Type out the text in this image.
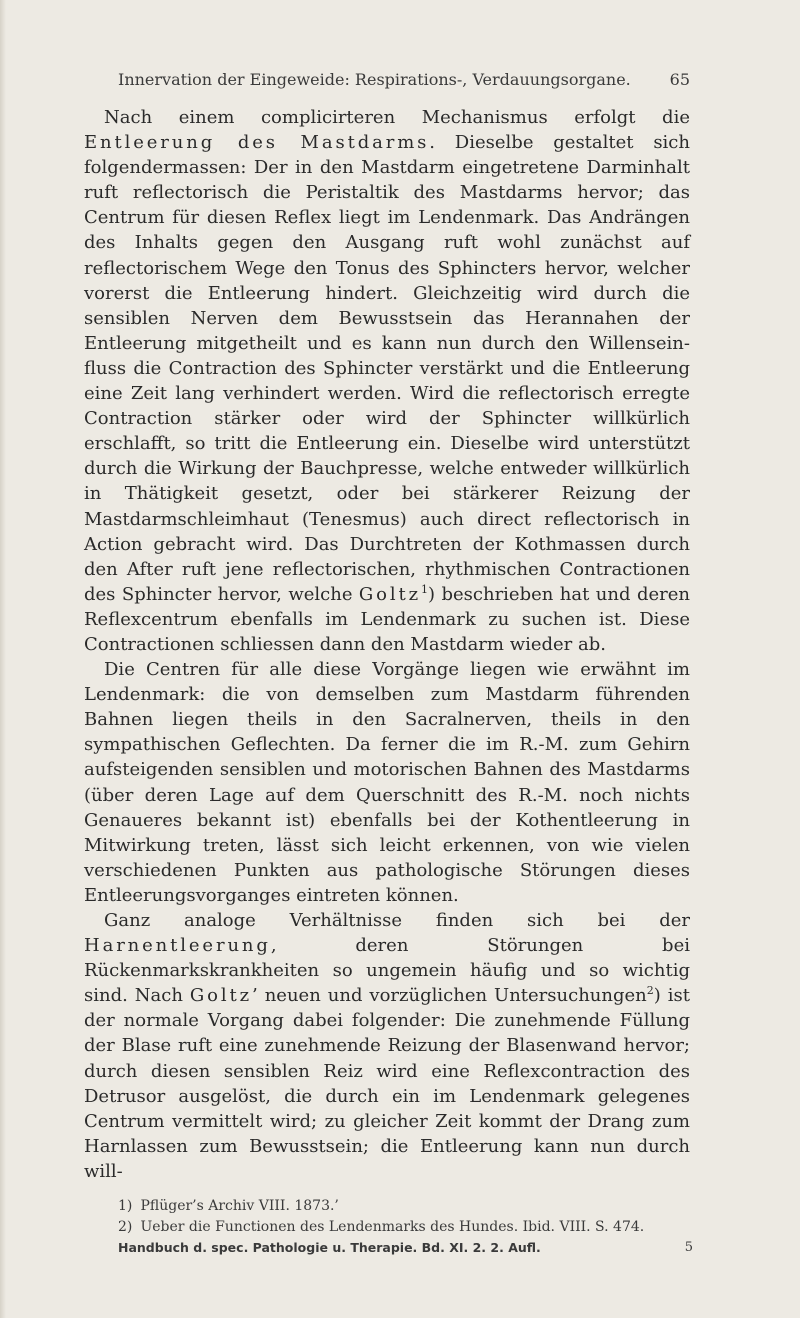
Innervation der Eingeweide: Respirations-, Verdauungsorgane. 65

Nach einem complicirteren Mechanismus erfolgt die Entleerung des Mastdarms. Dieselbe gestaltet sich folgendermassen: Der in den Mastdarm eingetretene Darminhalt ruft reflectorisch die Peristaltik des Mastdarms hervor; das Centrum für diesen Reflex liegt im Lendenmark. Das Andrängen des Inhalts gegen den Ausgang ruft wohl zunächst auf reflectorischem Wege den Tonus des Sphincters hervor, welcher vorerst die Entleerung hindert. Gleichzeitig wird durch die sensiblen Nerven dem Bewusstsein das Herannahen der Entleerung mitgetheilt und es kann nun durch den Willenseinfluss die Contraction des Sphincter verstärkt und die Entleerung eine Zeit lang verhindert werden. Wird die reflectorisch erregte Contraction stärker oder wird der Sphincter willkürlich erschlafft, so tritt die Entleerung ein. Dieselbe wird unterstützt durch die Wirkung der Bauchpresse, welche entweder willkürlich in Thätigkeit gesetzt, oder bei stärkerer Reizung der Mastdarmschleimhaut (Tenesmus) auch direct reflectorisch in Action gebracht wird. Das Durchtreten der Kothmassen durch den After ruft jene reflectorischen, rhythmischen Contractionen des Sphincter hervor, welche Goltz$^1$) beschrieben hat und deren Reflexcentrum ebenfalls im Lendenmark zu suchen ist. Diese Contractionen schliessen dann den Mastdarm wieder ab.

Die Centren für alle diese Vorgänge liegen wie erwähnt im Lendenmark: die von demselben zum Mastdarm führenden Bahnen liegen theils in den Sacralnerven, theils in den sympathischen Geflechten. Da ferner die im R.-M. zum Gehirn aufsteigenden sensiblen und motorischen Bahnen des Mastdarms (über deren Lage auf dem Querschnitt des R.-M. noch nichts Genaueres bekannt ist) ebenfalls bei der Kothentleerung in Mitwirkung treten, lässt sich leicht erkennen, von wie vielen verschiedenen Punkten aus pathologische Störungen dieses Entleerungsvorganges eintreten können.

Ganz analoge Verhältnisse finden sich bei der Harnentleerung, deren Störungen bei Rückenmarkskrankheiten so ungemein häufig und so wichtig sind. Nach Goltz’ neuen und vorzüglichen Untersuchungen$^2$) ist der normale Vorgang dabei folgender: Die zunehmende Füllung der Blase ruft eine zunehmende Reizung der Blasenwand hervor; durch diesen sensiblen Reiz wird eine Reflexcontraction des Detrusor ausgelöst, die durch ein im Lendenmark gelegenes Centrum vermittelt wird; zu gleicher Zeit kommt der Drang zum Harnlassen zum Bewusstsein; die Entleerung kann nun durch will-

1) Pflüger’s Archiv VIII. 1873.’
2) Ueber die Functionen des Lendenmarks des Hundes. Ibid. VIII. S. 474.
Handbuch d. spec. Pathologie u. Therapie. Bd. XI. 2. 2. Aufl.	5
